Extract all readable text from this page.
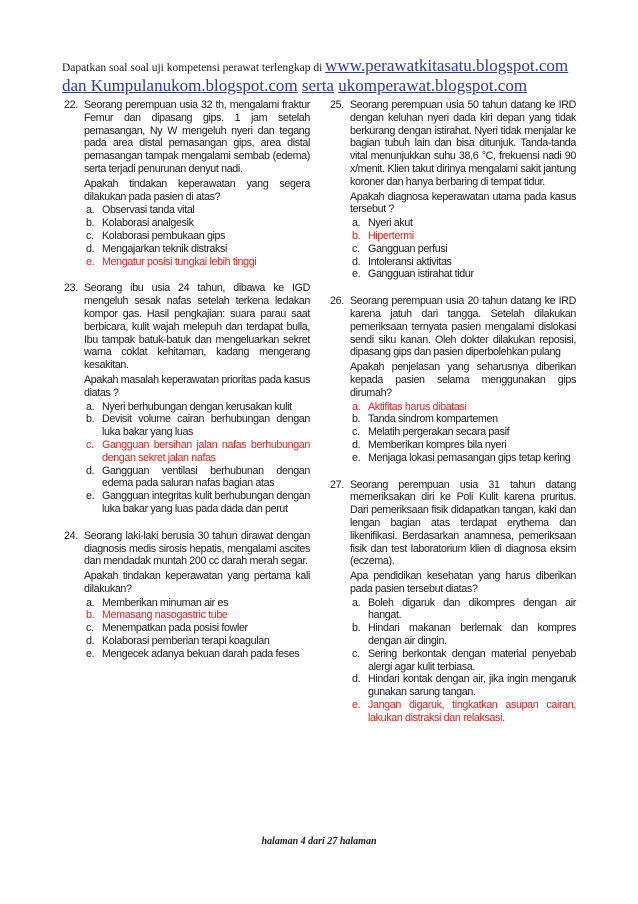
Dapatkan soal soal uji kompetensi perawat terlengkap di www.perawatkitasatu.blogspot.com
dan Kumpulanukom.blogspot.com serta ukomperawat.blogspot.com
22. Seorang perempuan usia 32 th, mengalami fraktur Femur dan dipasang gips. 1 jam setelah pemasangan, Ny W mengeluh nyeri dan tegang pada area distal pemasangan gips, area distal pemasangan tampak mengalami sembab (edema) serta terjadi penurunan denyut nadi.

Apakah tindakan keperawatan yang segera dilakukan pada pasien di atas?

a. Observasi tanda vital
b. Kolaborasi analgesik
c. Kolaborasi pembukaan gips
d. Mengajarkan teknik distraksi
e. Mengatur posisi tungkai lebih tinggi
23. Seorang ibu usia 24 tahun, dibawa ke IGD mengeluh sesak nafas setelah terkena ledakan kompor gas. Hasil pengkajian: suara parau saat berbicara, kulit wajah melepuh dan terdapat bulla, Ibu tampak batuk-batuk dan mengeluarkan sekret warna coklat kehitaman, kadang mengerang kesakitan.

Apakah masalah keperawatan prioritas pada kasus diatas ?

a. Nyeri berhubungan dengan kerusakan kulit
b. Devisit volume cairan berhubungan dengan luka bakar yang luas
c. Gangguan bersihan jalan nafas berhubungan dengan sekret jalan nafas
d. Gangguan ventilasi berhubunan dengan edema pada saluran nafas bagian atas
e. Gangguan integritas kulit berhubungan dengan luka bakar yang luas pada dada dan perut
24. Seorang laki-laki berusia 30 tahun dirawat dengan diagnosis medis sirosis hepatis, mengalami ascites dan mendadak muntah 200 cc darah merah segar.

Apakah tindakan keperawatan yang pertama kali dilakukan?

a. Memberikan minuman air es
b. Memasang nasogastric tube
c. Menempatkan pada posisi fowler
d. Kolaborasi pemberian terapi koagulan
e. Mengecek adanya bekuan darah pada feses
25. Seorang perempuan usia 50 tahun datang ke IRD dengan keluhan nyeri dada kiri depan yang tidak berkurang dengan istirahat. Nyeri tidak menjalar ke bagian tubuh lain dan bisa ditunjuk. Tanda-tanda vital menunjukkan suhu 38,6 °C, frekuensi nadi 90 x/menit. Klien takut dirinya mengalami sakit jantung koroner dan hanya berbaring di tempat tidur.

Apakah diagnosa keperawatan utama pada kasus tersebut ?

a. Nyeri akut
b. Hipertermi
c. Gangguan perfusi
d. Intoleransi aktivitas
e. Gangguan istirahat tidur
26. Seorang perempuan usia 20 tahun datang ke IRD karena jatuh dari tangga. Setelah dilakukan pemeriksaan ternyata pasien mengalami dislokasi sendi siku kanan. Oleh dokter dilakukan reposisi, dipasang gips dan pasien diperbolehkan pulang

Apakah penjelasan yang seharusnya diberikan kepada pasien selama menggunakan gips dirumah?

a. Aktifitas harus dibatasi
b. Tanda sindrom kompartemen
c. Melatih pergerakan secara pasif
d. Memberikan kompres bila nyeri
e. Menjaga lokasi pemasangan gips tetap kering
27. Seorang perempuan usia 31 tahun datang memeriksakan diri ke Poli Kulit karena pruritus. Dari pemeriksaan fisik didapatkan tangan, kaki dan lengan bagian atas terdapat erythema dan likenifikasi. Berdasarkan anamnesa, pemeriksaan fisik dan test laboratorium klien di diagnosa eksim (eczema).

Apa pendidikan kesehatan yang harus diberikan pada pasien tersebut diatas?

a. Boleh digaruk dan dikompres dengan air hangat.
b. Hindari makanan berlemak dan kompres dengan air dingin.
c. Sering berkontak dengan material penyebab alergi agar kulit terbiasa.
d. Hindari kontak dengan air, jika ingin mengaruk gunakan sarung tangan.
e. Jangan digaruk, tingkatkan asupan cairan, lakukan distraksi dan relaksasi.
halaman 4 dari 27 halaman
